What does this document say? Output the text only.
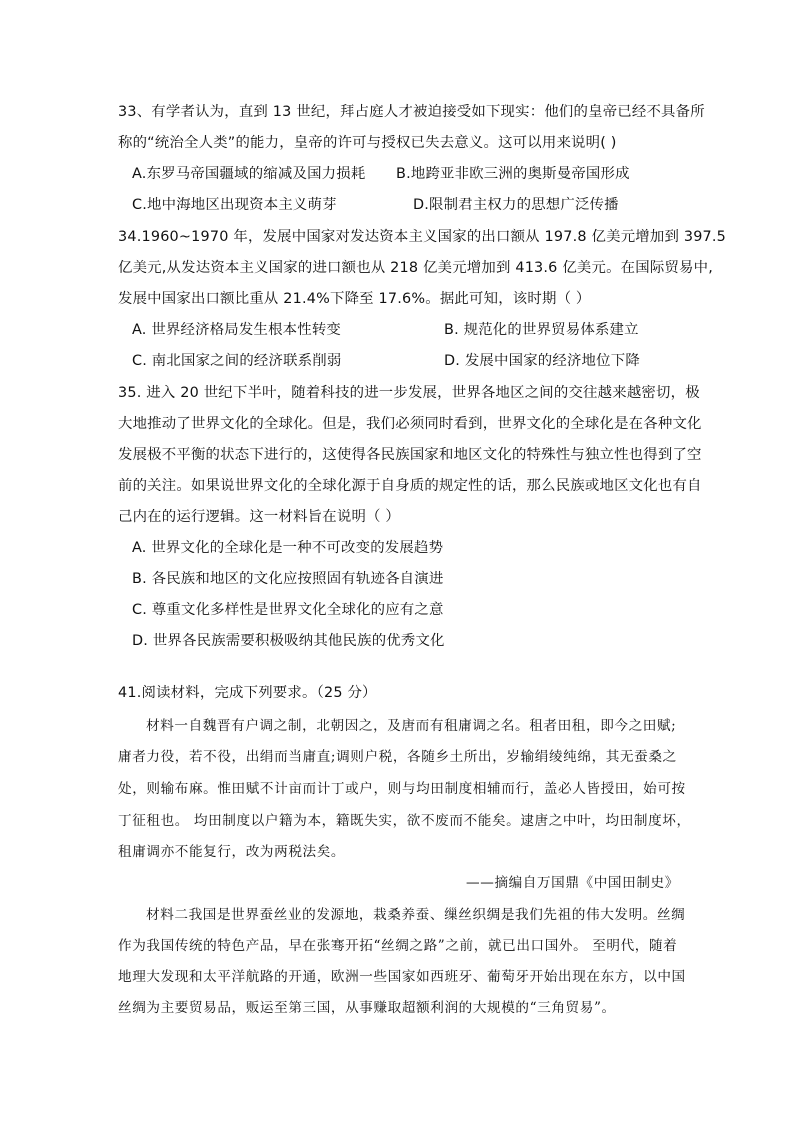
33、有学者认为，直到 13 世纪，拜占庭人才被迫接受如下现实：他们的皇帝已经不具备所
称的“统治全人类”的能力，皇帝的许可与授权已失去意义。这可以用来说明( )
A.东罗马帝国疆域的缩减及国力损耗 B.地跨亚非欧三洲的奥斯曼帝国形成
C.地中海地区出现资本主义萌芽	D.限制君主权力的思想广泛传播
34.1960~1970 年，发展中国家对发达资本主义国家的出口额从 197.8 亿美元增加到 397.5
亿美元,从发达资本主义国家的进口额也从 218 亿美元增加到 413.6 亿美元。在国际贸易中,
发展中国家出口额比重从 21.4%下降至 17.6%。据此可知，该时期（ ）
A. 世界经济格局发生根本性转变	B. 规范化的世界贸易体系建立
C. 南北国家之间的经济联系削弱	D. 发展中国家的经济地位下降
35. 进入 20 世纪下半叶，随着科技的进一步发展，世界各地区之间的交往越来越密切，极
大地推动了世界文化的全球化。但是，我们必须同时看到，世界文化的全球化是在各种文化
发展极不平衡的状态下进行的，这使得各民族国家和地区文化的特殊性与独立性也得到了空
前的关注。如果说世界文化的全球化源于自身质的规定性的话，那么民族或地区文化也有自
己内在的运行逻辑。这一材料旨在说明（ ）
A. 世界文化的全球化是一种不可改变的发展趋势
B. 各民族和地区的文化应按照固有轨迹各自演进
C. 尊重文化多样性是世界文化全球化的应有之意
D. 世界各民族需要积极吸纳其他民族的优秀文化
41.阅读材料，完成下列要求。（25 分）
材料一自魏晋有户调之制，北朝因之，及唐而有租庸调之名。租者田租，即今之田赋;
庸者力役，若不役，出绢而当庸直;调则户税，各随乡土所出，岁输绢绫纯绵，其无蚕桑之
处，则输布麻。惟田赋不计亩而计丁或户，则与均田制度相辅而行，盖必人皆授田，始可按
丁征租也。 均田制度以户籍为本，籍既失实，欲不废而不能矣。逮唐之中叶，均田制度坏，
租庸调亦不能复行，改为两税法矣。
——摘编自万国鼎《中国田制史》
材料二我国是世界蚕丝业的发源地，栽桑养蚕、缫丝织绸是我们先祖的伟大发明。丝绸
作为我国传统的特色产品，早在张骞开拓“丝绸之路”之前，就已出口国外。 至明代，随着
地理大发现和太平洋航路的开通，欧洲一些国家如西班牙、葡萄牙开始出现在东方，以中国
丝绸为主要贸易品，贩运至第三国，从事赚取超额利润的大规模的“三角贸易”。
